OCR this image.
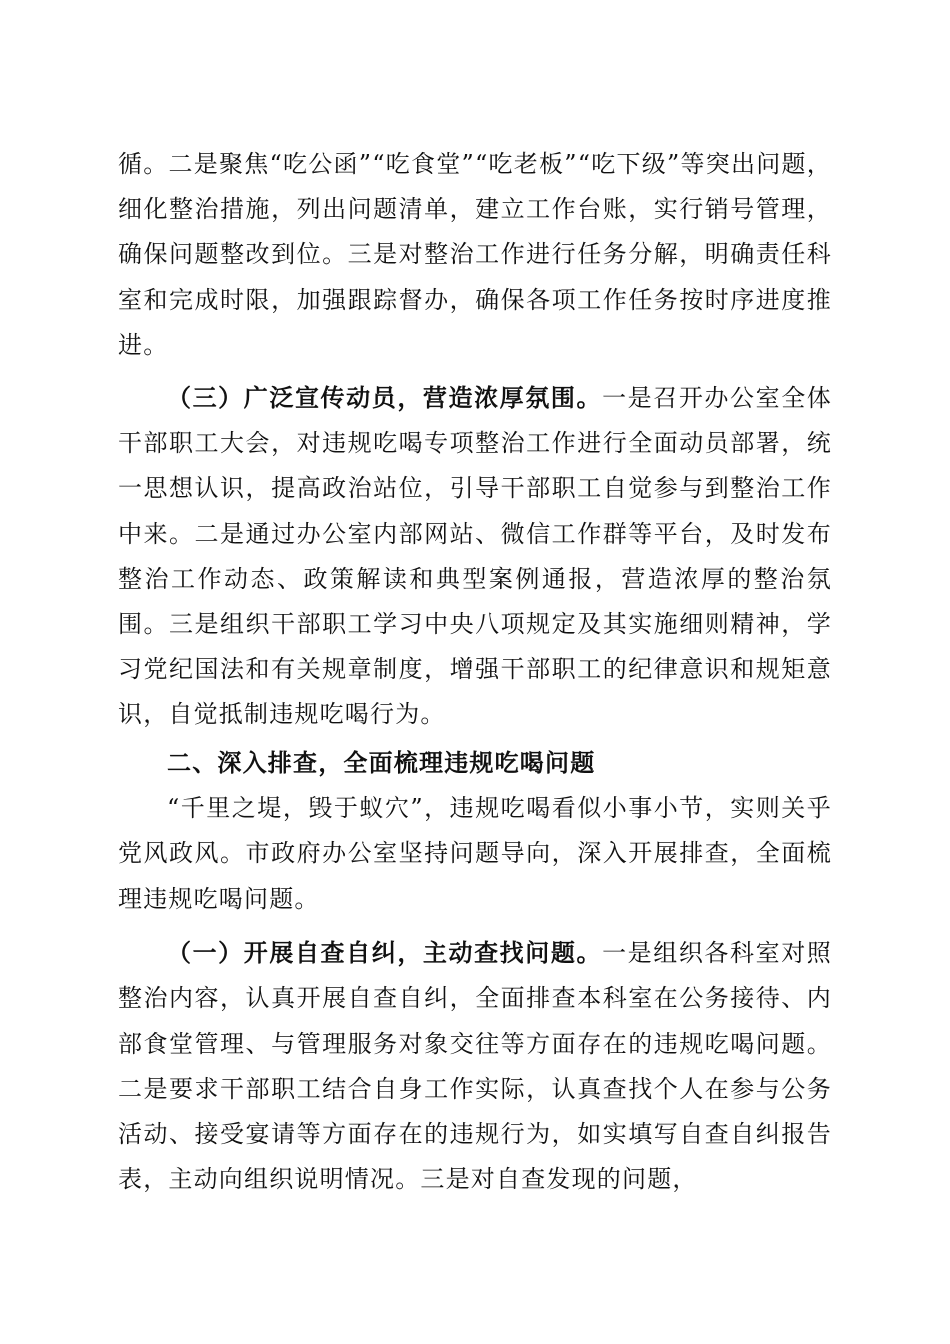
循。二是聚焦“吃公函”“吃食堂”“吃老板”“吃下级”等突出问题，细化整治措施，列出问题清单，建立工作台账，实行销号管理，确保问题整改到位。三是对整治工作进行任务分解，明确责任科室和完成时限，加强跟踪督办，确保各项工作任务按时序进度推进。

（三）广泛宣传动员，营造浓厚氛围。一是召开办公室全体干部职工大会，对违规吃喝专项整治工作进行全面动员部署，统一思想认识，提高政治站位，引导干部职工自觉参与到整治工作中来。二是通过办公室内部网站、微信工作群等平台，及时发布整治工作动态、政策解读和典型案例通报，营造浓厚的整治氛围。三是组织干部职工学习中央八项规定及其实施细则精神，学习党纪国法和有关规章制度，增强干部职工的纪律意识和规矩意识，自觉抵制违规吃喝行为。

二、深入排查，全面梳理违规吃喝问题

“千里之堤，毁于蚁穴”，违规吃喝看似小事小节，实则关乎党风政风。市政府办公室坚持问题导向，深入开展排查，全面梳理违规吃喝问题。

（一）开展自查自纠，主动查找问题。一是组织各科室对照整治内容，认真开展自查自纠，全面排查本科室在公务接待、内部食堂管理、与管理服务对象交往等方面存在的违规吃喝问题。二是要求干部职工结合自身工作实际，认真查找个人在参与公务活动、接受宴请等方面存在的违规行为，如实填写自查自纠报告表，主动向组织说明情况。三是对自查发现的问题，
